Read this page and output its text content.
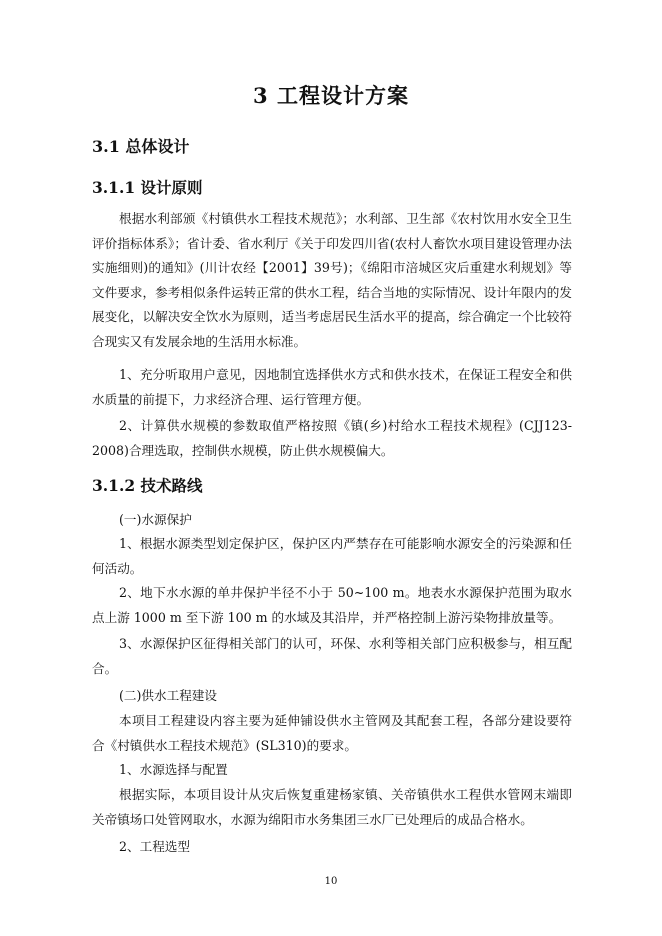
3 工程设计方案
3.1 总体设计
3.1.1 设计原则

根据水利部颁《村镇供水工程技术规范》；水利部、卫生部《农村饮用水安全卫生评价指标体系》；省计委、省水利厅《关于印发四川省(农村人畜饮水项目建设管理办法实施细则)的通知》(川计农经【2001】39号)；《绵阳市涪城区灾后重建水利规划》等文件要求，参考相似条件运转正常的供水工程，结合当地的实际情况、设计年限内的发展变化，以解决安全饮水为原则，适当考虑居民生活水平的提高，综合确定一个比较符合现实又有发展余地的生活用水标准。

1、充分听取用户意见，因地制宜选择供水方式和供水技术，在保证工程安全和供水质量的前提下，力求经济合理、运行管理方便。

2、计算供水规模的参数取值严格按照《镇(乡)村给水工程技术规程》(CJJ123-2008)合理选取，控制供水规模，防止供水规模偏大。

3.1.2 技术路线

(一)水源保护

1、根据水源类型划定保护区，保护区内严禁存在可能影响水源安全的污染源和任何活动。

2、地下水水源的单井保护半径不小于 50~100 m。地表水水源保护范围为取水点上游 1000 m 至下游 100 m 的水域及其沿岸，并严格控制上游污染物排放量等。

3、水源保护区征得相关部门的认可，环保、水利等相关部门应积极参与，相互配合。

(二)供水工程建设

本项目工程建设内容主要为延伸铺设供水主管网及其配套工程，各部分建设要符合《村镇供水工程技术规范》(SL310)的要求。

1、水源选择与配置

根据实际，本项目设计从灾后恢复重建杨家镇、关帝镇供水工程供水管网末端即关帝镇场口处管网取水，水源为绵阳市水务集团三水厂已处理后的成品合格水。

2、工程选型

10
